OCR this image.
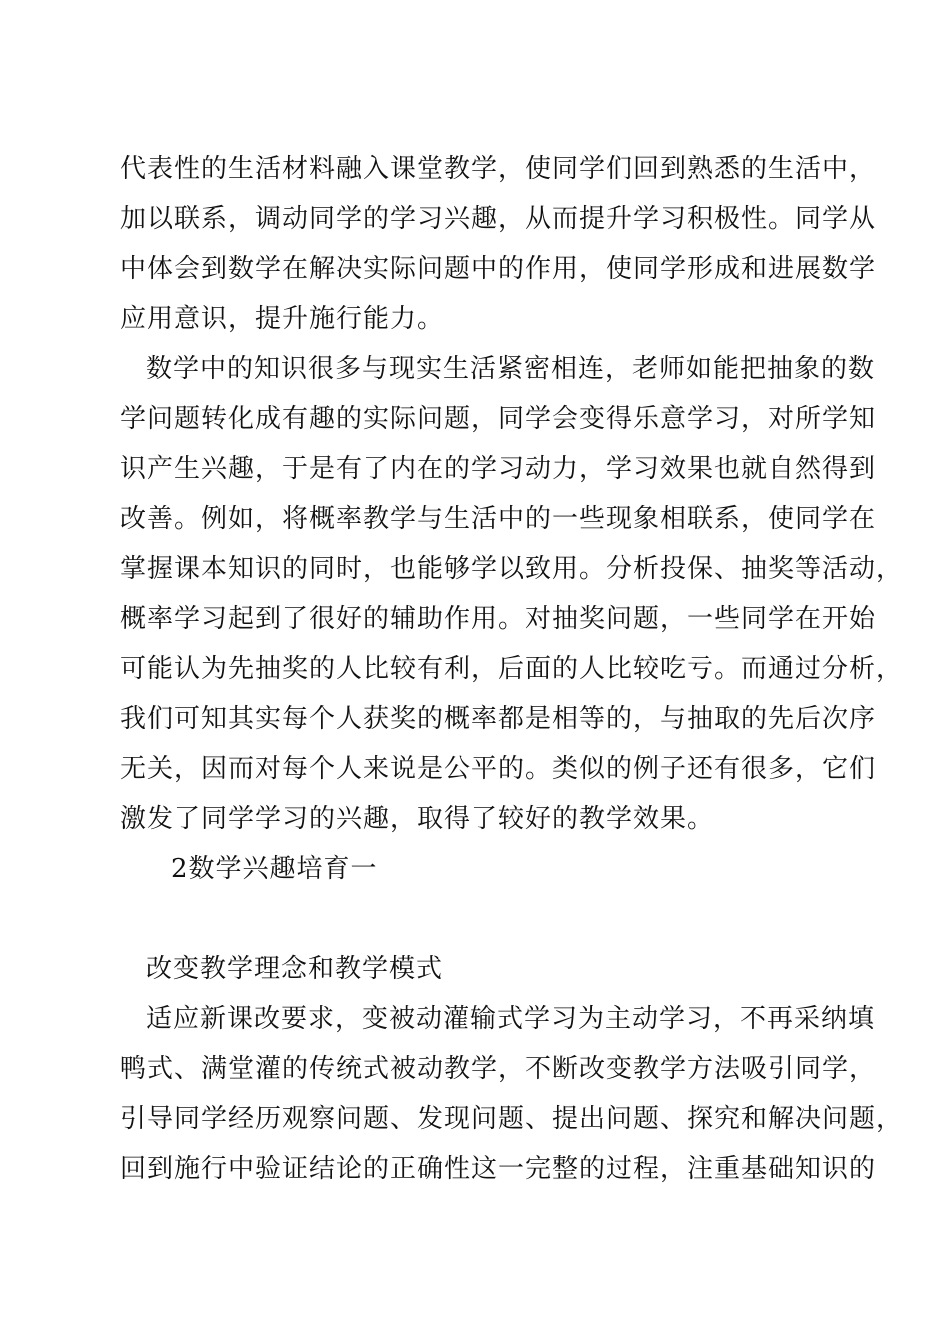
代表性的生活材料融入课堂教学，使同学们回到熟悉的生活中，
加以联系，调动同学的学习兴趣，从而提升学习积极性。同学从
中体会到数学在解决实际问题中的作用，使同学形成和进展数学
应用意识，提升施行能力。
数学中的知识很多与现实生活紧密相连，老师如能把抽象的数
学问题转化成有趣的实际问题，同学会变得乐意学习，对所学知
识产生兴趣，于是有了内在的学习动力，学习效果也就自然得到
改善。例如，将概率教学与生活中的一些现象相联系，使同学在
掌握课本知识的同时，也能够学以致用。分析投保、抽奖等活动，
概率学习起到了很好的辅助作用。对抽奖问题，一些同学在开始
可能认为先抽奖的人比较有利，后面的人比较吃亏。而通过分析，
我们可知其实每个人获奖的概率都是相等的，与抽取的先后次序
无关，因而对每个人来说是公平的。类似的例子还有很多，它们
激发了同学学习的兴趣，取得了较好的教学效果。
2数学兴趣培育一
改变教学理念和教学模式
适应新课改要求，变被动灌输式学习为主动学习，不再采纳填
鸭式、满堂灌的传统式被动教学，不断改变教学方法吸引同学，
引导同学经历观察问题、发现问题、提出问题、探究和解决问题，
回到施行中验证结论的正确性这一完整的过程，注重基础知识的
